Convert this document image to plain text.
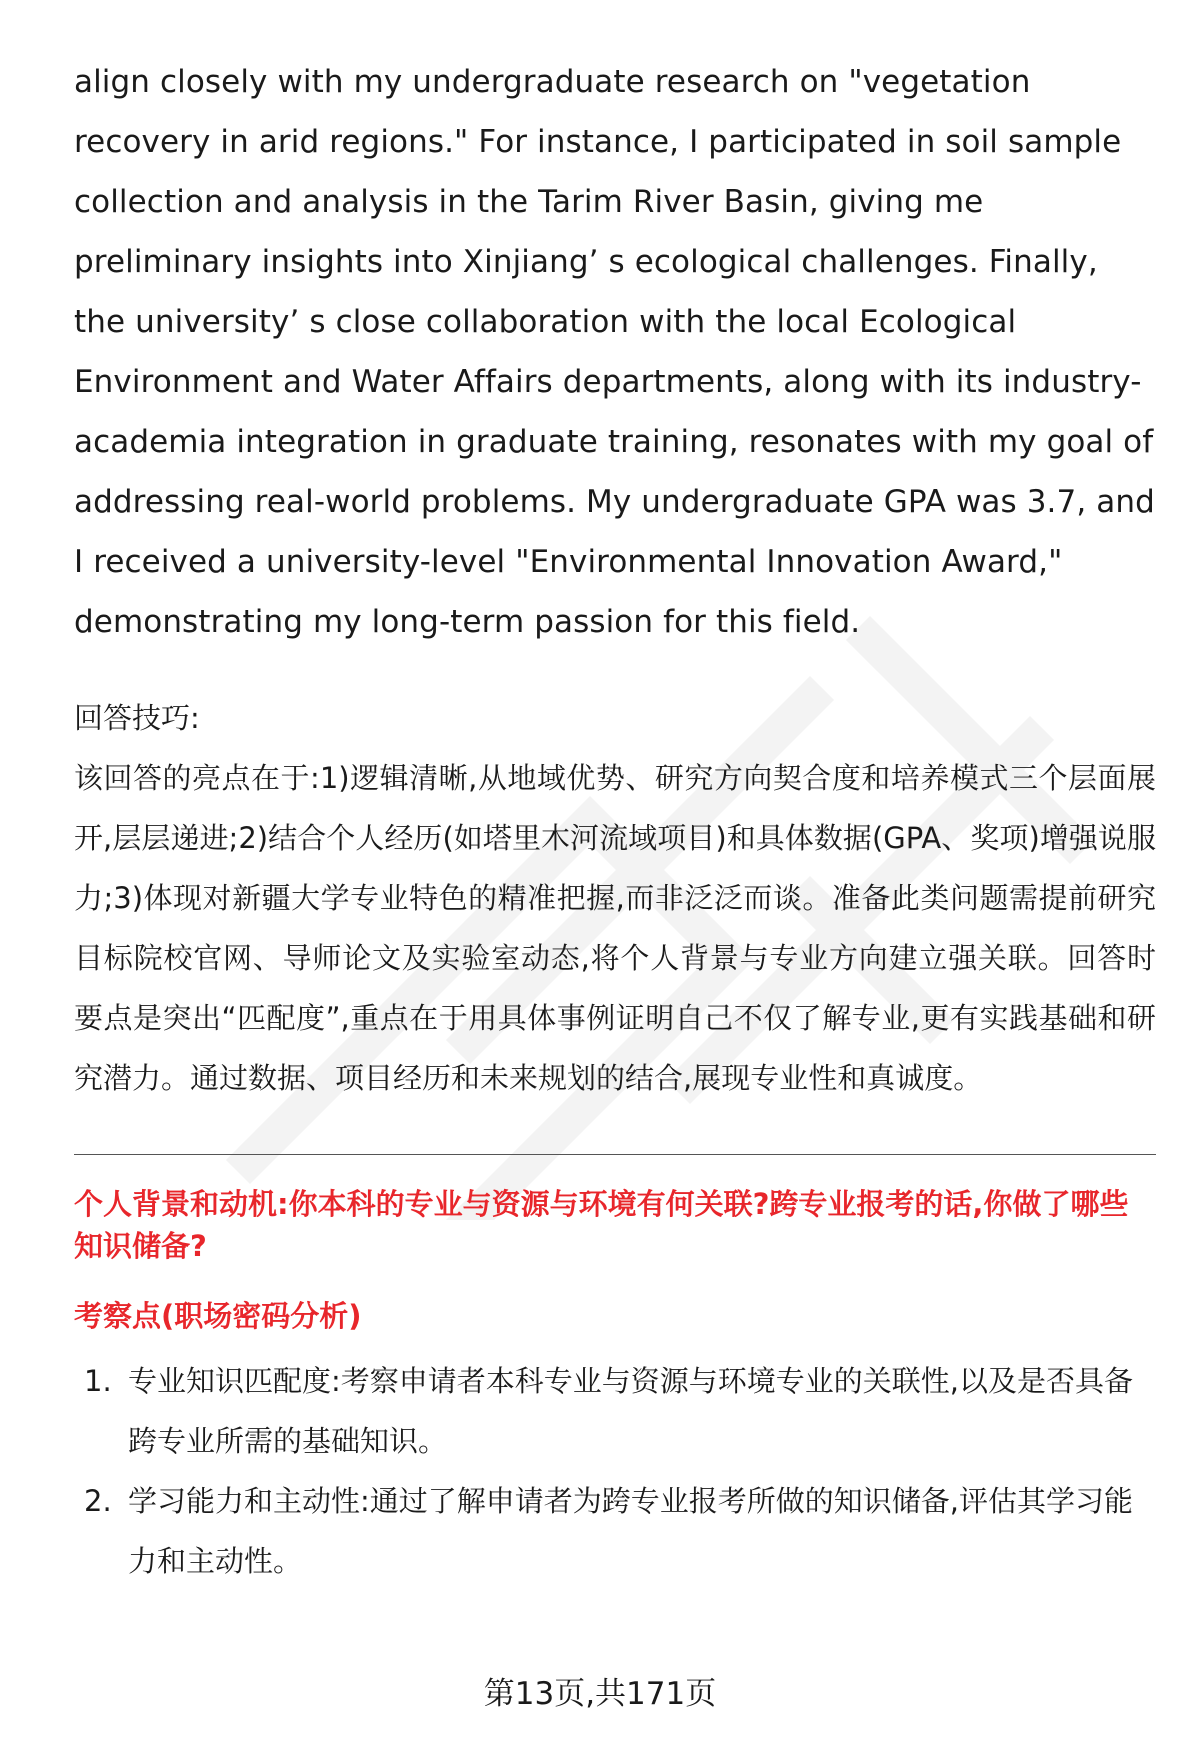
align closely with my undergraduate research on "vegetation recovery in arid regions." For instance, I participated in soil sample collection and analysis in the Tarim River Basin, giving me preliminary insights into Xinjiang’ s ecological challenges. Finally, the university’ s close collaboration with the local Ecological Environment and Water Affairs departments, along with its industry-academia integration in graduate training, resonates with my goal of addressing real-world problems. My undergraduate GPA was 3.7, and I received a university-level "Environmental Innovation Award," demonstrating my long-term passion for this field.

回答技巧:

该回答的亮点在于:1)逻辑清晰,从地域优势、研究方向契合度和培养模式三个层面展开,层层递进;2)结合个人经历(如塔里木河流域项目)和具体数据(GPA、奖项)增强说服力;3)体现对新疆大学专业特色的精准把握,而非泛泛而谈。准备此类问题需提前研究目标院校官网、导师论文及实验室动态,将个人背景与专业方向建立强关联。回答时要点是突出“匹配度”,重点在于用具体事例证明自己不仅了解专业,更有实践基础和研究潜力。通过数据、项目经历和未来规划的结合,展现专业性和真诚度。

个人背景和动机:你本科的专业与资源与环境有何关联?跨专业报考的话,你做了哪些知识储备?

考察点(职场密码分析)

1. 专业知识匹配度:考察申请者本科专业与资源与环境专业的关联性,以及是否具备跨专业所需的基础知识。
2. 学习能力和主动性:通过了解申请者为跨专业报考所做的知识储备,评估其学习能力和主动性。
第13页,共171页
